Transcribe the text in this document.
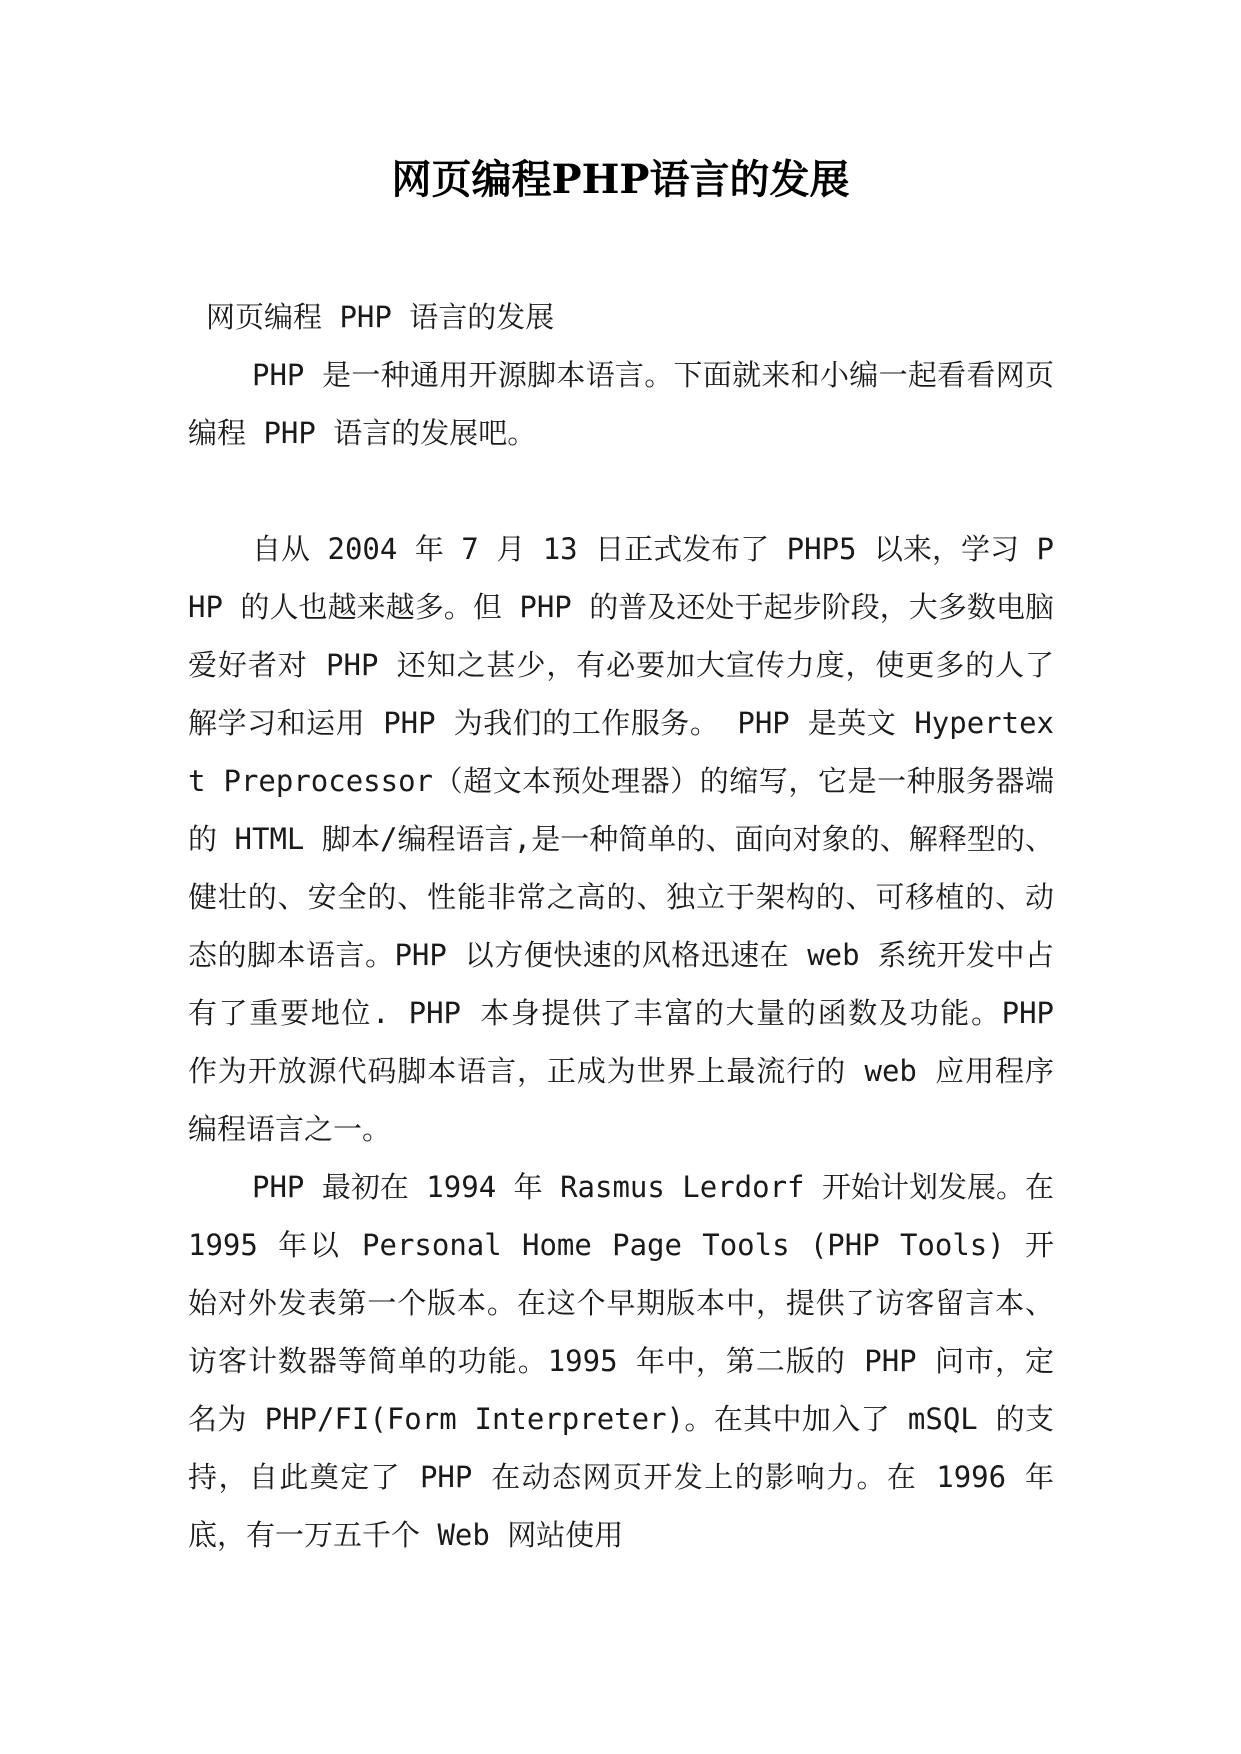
网页编程PHP语言的发展

网页编程 PHP 语言的发展

PHP 是一种通用开源脚本语言。下面就来和小编一起看看网页编程 PHP 语言的发展吧。

自从 2004 年 7 月 13 日正式发布了 PHP5 以来，学习 PHP 的人也越来越多。但 PHP 的普及还处于起步阶段，大多数电脑爱好者对 PHP 还知之甚少，有必要加大宣传力度，使更多的人了解学习和运用 PHP 为我们的工作服务。 PHP 是英文 Hypertext Preprocessor（超文本预处理器）的缩写，它是一种服务器端的 HTML 脚本/编程语言,是一种简单的、面向对象的、解释型的、健壮的、安全的、性能非常之高的、独立于架构的、可移植的、动态的脚本语言。PHP 以方便快速的风格迅速在 web 系统开发中占有了重要地位. PHP 本身提供了丰富的大量的函数及功能。PHP 作为开放源代码脚本语言，正成为世界上最流行的 web 应用程序编程语言之一。

PHP 最初在 1994 年 Rasmus Lerdorf 开始计划发展。在 1995 年以 Personal Home Page Tools (PHP Tools) 开始对外发表第一个版本。在这个早期版本中，提供了访客留言本、访客计数器等简单的功能。1995 年中，第二版的 PHP 问市，定名为 PHP/FI(Form Interpreter)。在其中加入了 mSQL 的支持，自此奠定了 PHP 在动态网页开发上的影响力。在 1996 年底，有一万五千个 Web 网站使用
